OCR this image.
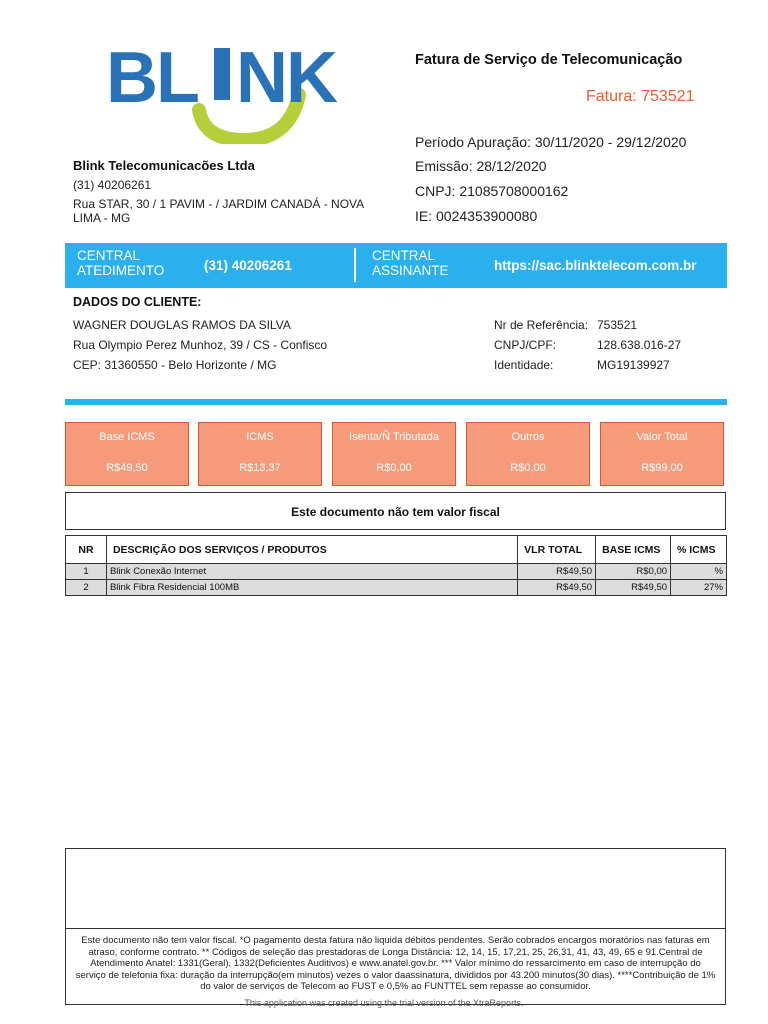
BL NK	Fatura de Serviço de Telecomunicação
Fatura: 753521
Período Apuração: 30/11/2020 - 29/12/2020
Emissão: 28/12/2020
CNPJ: 21085708000162
IE: 0024353900080
Blink Telecomunicacões Ltda
(31) 40206261
Rua STAR, 30 / 1 PAVIM - / JARDIM CANADÁ - NOVA LIMA - MG
CENTRAL
ATEDIMENTO	(31) 40206261
CENTRAL
ASSINANTE	https://sac.blinktelecom.com.br
DADOS DO CLIENTE:
WAGNER DOUGLAS RAMOS DA SILVA
Rua Olympio Perez Munhoz, 39 / CS - Confisco
CEP: 31360550 - Belo Horizonte / MG
Nr de Referência: 753521
CNPJ/CPF:	128.638.016-27
Identidade:	MG19139927
Base ICMS
R$49,50
ICMS
R$13,37
Isenta/Ñ Tributada
R$0,00
Outros
R$0,00
Valor Total
R$99,00
Este documento não tem valor fiscal
NR	DESCRIÇÃO DOS SERVIÇOS / PRODUTOS	VLR TOTAL	BASE ICMS	% ICMS
1	Blink Conexão Internet	R$49,50	R$0,00	%
2	Blink Fibra Residencial 100MB	R$49,50	R$49,50	27%
Este documento não tem valor fiscal. *O pagamento desta fatura não liquida débitos pendentes. Serão cobrados encargos moratórios nas faturas em atraso, conforme contrato. ** Códigos de seleção das prestadoras de Longa Distância: 12, 14, 15, 17,21, 25, 26,31, 41, 43, 49, 65 e 91.Central de Atendimento Anatel: 1331(Geral), 1332(Deficientes Auditivos) e www.anatel.gov.br. *** Valor mínimo do ressarcimento em caso de interrupção do serviço de telefonia fixa: duração da interrupção(em minutos) vezes o valor daassinatura, divididos por 43.200 minutos(30 dias). ****Contribuição de 1% do valor de serviços de Telecom ao FUST e 0,5% ao FUNTTEL sem repasse ao consumidor.
This application was created using the trial version of the XtraReports.
